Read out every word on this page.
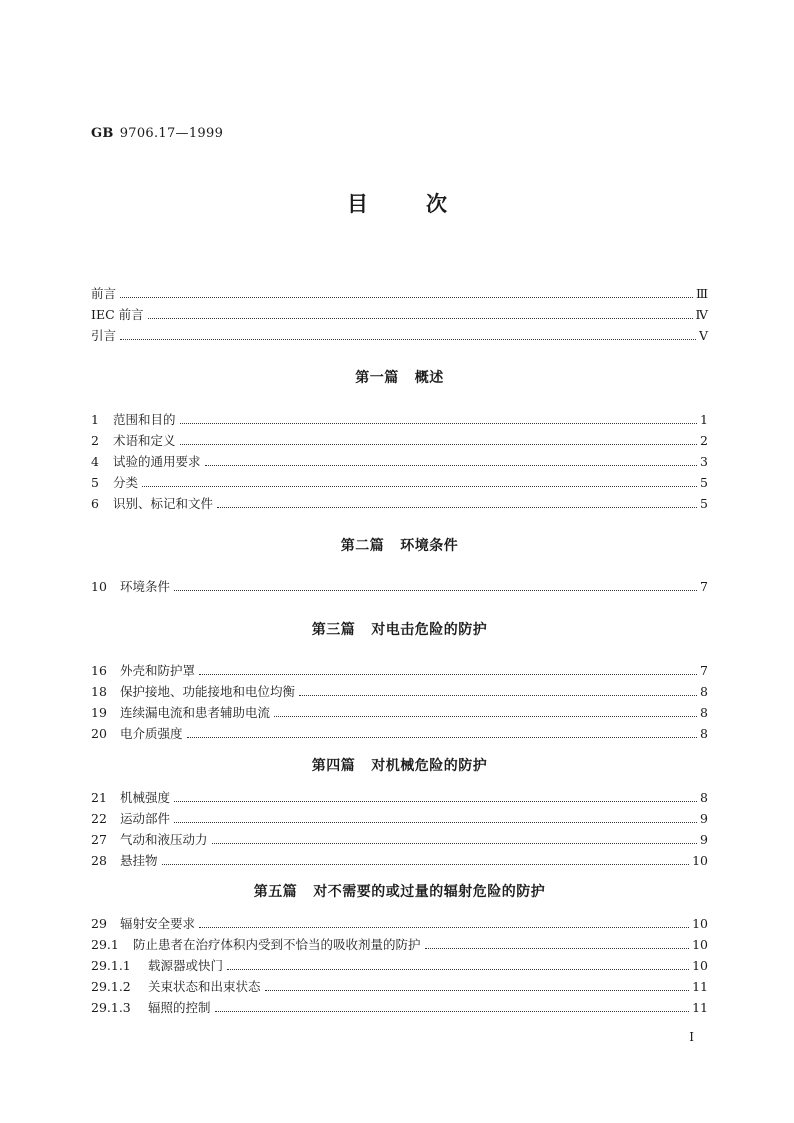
GB 9706.17—1999
目次
前言	Ⅲ
IEC 前言	Ⅳ
引言	Ⅴ
第一篇 概述
1	范围和目的	1
2	术语和定义	2
4	试验的通用要求	3
5	分类	5
6	识别、标记和文件	5
第二篇 环境条件
10	环境条件	7
第三篇 对电击危险的防护
16	外壳和防护罩	7
18	保护接地、功能接地和电位均衡	8
19	连续漏电流和患者辅助电流	8
20	电介质强度	8
第四篇 对机械危险的防护
21	机械强度	8
22	运动部件	9
27	气动和液压动力	9
28	悬挂物	10
第五篇 对不需要的或过量的辐射危险的防护
29	辐射安全要求	10
29.1	防止患者在治疗体积内受到不恰当的吸收剂量的防护	10
29.1.1	载源器或快门	10
29.1.2	关束状态和出束状态	11
29.1.3	辐照的控制	11
Ⅰ
